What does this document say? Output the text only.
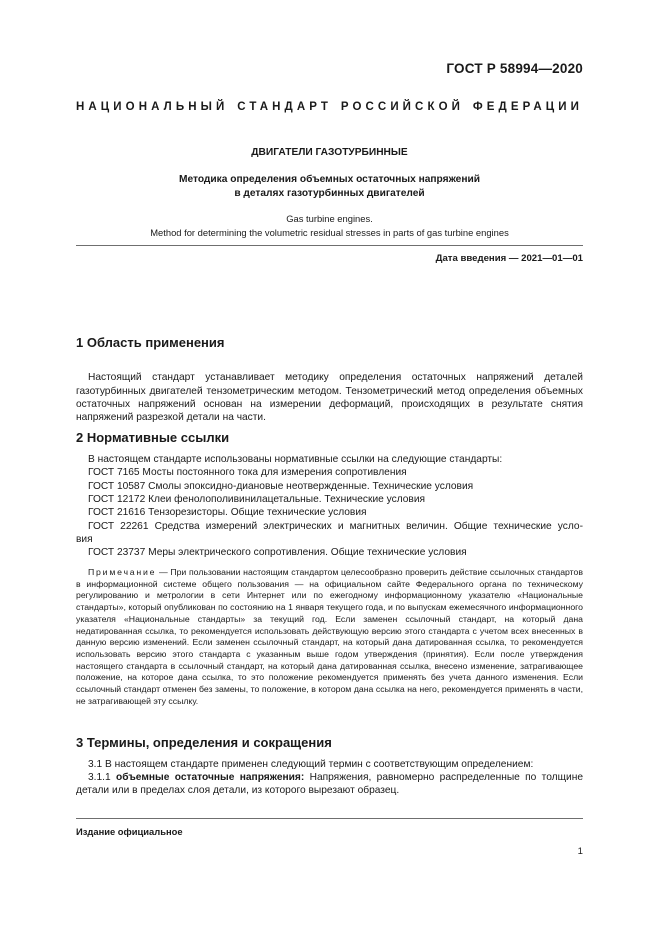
ГОСТ Р 58994—2020
НАЦИОНАЛЬНЫЙ СТАНДАРТ РОССИЙСКОЙ ФЕДЕРАЦИИ
ДВИГАТЕЛИ ГАЗОТУРБИННЫЕ
Методика определения объемных остаточных напряжений
в деталях газотурбинных двигателей
Gas turbine engines.
Method for determining the volumetric residual stresses in parts of gas turbine engines
Дата введения — 2021—01—01
1 Область применения
Настоящий стандарт устанавливает методику определения остаточных напряжений деталей газотурбинных двигателей тензометрическим методом. Тензометрический метод определения объемных остаточных напряжений основан на измерении деформаций, происходящих в результате снятия напряжений разрезкой детали на части.
2 Нормативные ссылки
В настоящем стандарте использованы нормативные ссылки на следующие стандарты:
ГОСТ 7165 Мосты постоянного тока для измерения сопротивления
ГОСТ 10587 Смолы эпоксидно-диановые неотвержденные. Технические условия
ГОСТ 12172 Клеи фенолополивинилацетальные. Технические условия
ГОСТ 21616 Тензорезисторы. Общие технические условия
ГОСТ 22261 Средства измерений электрических и магнитных величин. Общие технические усло-
вия
ГОСТ 23737 Меры электрического сопротивления. Общие технические условия
Примечание — При пользовании настоящим стандартом целесообразно проверить действие ссылочных стандартов в информационной системе общего пользования — на официальном сайте Федерального органа по техническому регулированию и метрологии в сети Интернет или по ежегодному информационному указателю «Национальные стандарты», который опубликован по состоянию на 1 января текущего года, и по выпускам ежемесячного информационного указателя «Национальные стандарты» за текущий год. Если заменен ссылочный стандарт, на который дана недатированная ссылка, то рекомендуется использовать действующую версию этого стандарта с учетом всех внесенных в данную версию изменений. Если заменен ссылочный стандарт, на который дана датированная ссылка, то рекомендуется использовать версию этого стандарта с указанным выше годом утверждения (принятия). Если после утверждения настоящего стандарта в ссылочный стандарт, на который дана датированная ссылка, внесено изменение, затрагивающее положение, на которое дана ссылка, то это положение рекомендуется применять без учета данного изменения. Если ссылочный стандарт отменен без замены, то положение, в котором дана ссылка на него, рекомендуется применять в части, не затрагивающей эту ссылку.
3 Термины, определения и сокращения
3.1 В настоящем стандарте применен следующий термин с соответствующим определением:
3.1.1 объемные остаточные напряжения: Напряжения, равномерно распределенные по толщине детали или в пределах слоя детали, из которого вырезают образец.
Издание официальное
1
